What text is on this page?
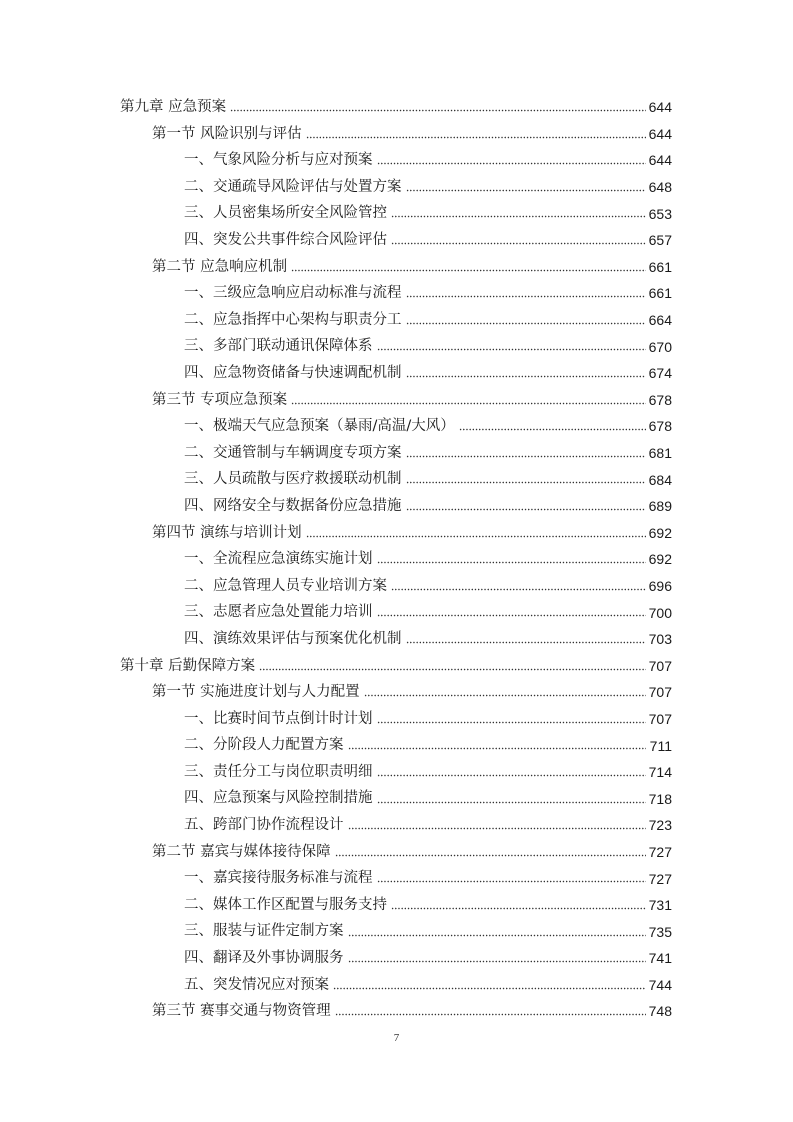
第九章 应急预案	644
第一节 风险识别与评估	644
一、气象风险分析与应对预案	644
二、交通疏导风险评估与处置方案	648
三、人员密集场所安全风险管控	653
四、突发公共事件综合风险评估	657
第二节 应急响应机制	661
一、三级应急响应启动标准与流程	661
二、应急指挥中心架构与职责分工	664
三、多部门联动通讯保障体系	670
四、应急物资储备与快速调配机制	674
第三节 专项应急预案	678
一、极端天气应急预案（暴雨/高温/大风）	678
二、交通管制与车辆调度专项方案	681
三、人员疏散与医疗救援联动机制	684
四、网络安全与数据备份应急措施	689
第四节 演练与培训计划	692
一、全流程应急演练实施计划	692
二、应急管理人员专业培训方案	696
三、志愿者应急处置能力培训	700
四、演练效果评估与预案优化机制	703
第十章 后勤保障方案	707
第一节 实施进度计划与人力配置	707
一、比赛时间节点倒计时计划	707
二、分阶段人力配置方案	711
三、责任分工与岗位职责明细	714
四、应急预案与风险控制措施	718
五、跨部门协作流程设计	723
第二节 嘉宾与媒体接待保障	727
一、嘉宾接待服务标准与流程	727
二、媒体工作区配置与服务支持	731
三、服装与证件定制方案	735
四、翻译及外事协调服务	741
五、突发情况应对预案	744
第三节 赛事交通与物资管理	748
7
